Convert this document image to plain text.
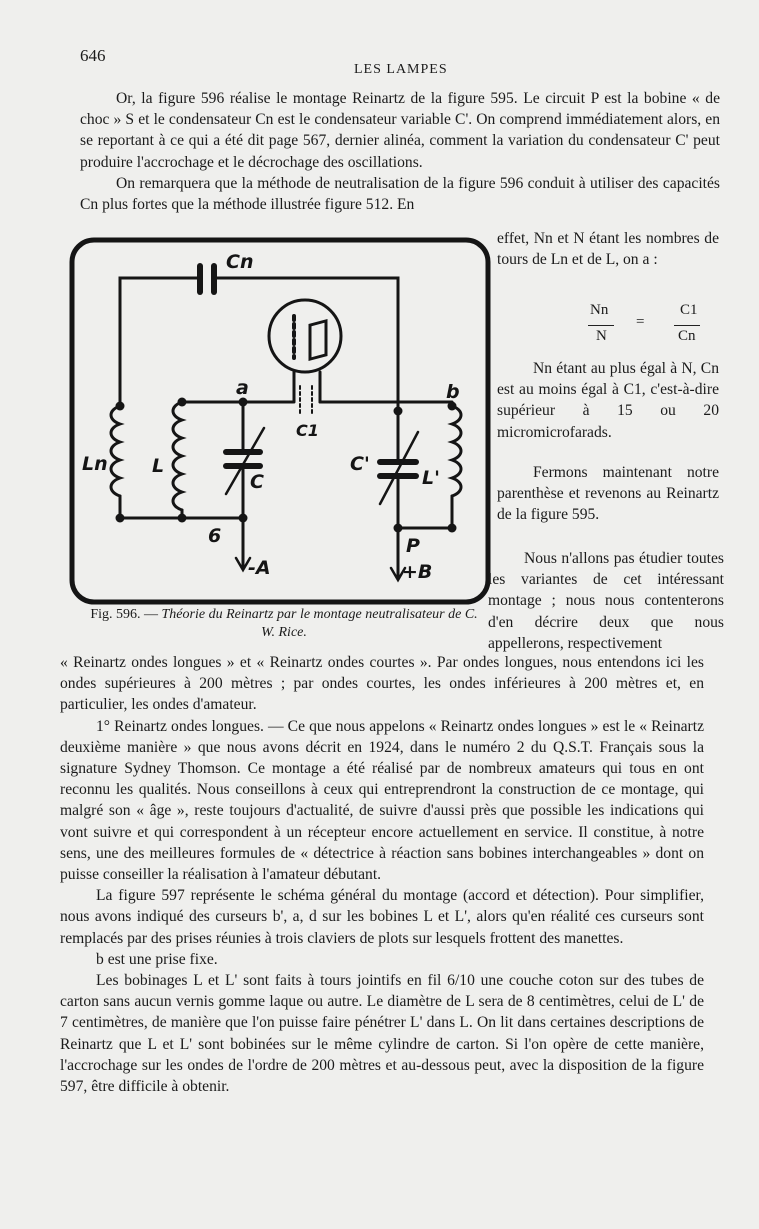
646
LES LAMPES

Or, la figure 596 réalise le montage Reinartz de la figure 595. Le circuit P est la bobine « de choc » S et le condensateur Cn est le condensateur variable C'. On comprend immédiatement alors, en se reportant à ce qui a été dit page 567, dernier alinéa, comment la variation du condensateur C' peut produire l'accrochage et le décrochage des oscillations.

On remarquera que la méthode de neutralisation de la figure 596 conduit à utiliser des capacités Cn plus fortes que la méthode illustrée figure 512. En

Cn
a	b
C1
L
C
Ln	C'
L'
6	P
-A	+B
Fig. 596. — Théorie du Reinartz par le montage neutralisateur de C. W. Rice.

effet, Nn et N étant les nombres de tours de Ln et de L, on a :

Nn
N
=
C1
Cn

Nn étant au plus égal à N, Cn est au moins égal à C1, c'est-à-dire supérieur à 15 ou 20 micromicrofarads.

Fermons maintenant notre parenthèse et revenons au Reinartz de la figure 595.

Nous n'allons pas étudier toutes les variantes de cet intéressant montage ; nous nous contenterons d'en décrire deux que nous appellerons, respectivement

« Reinartz ondes longues » et « Reinartz ondes courtes ». Par ondes longues, nous entendons ici les ondes supérieures à 200 mètres ; par ondes courtes, les ondes inférieures à 200 mètres et, en particulier, les ondes d'amateur.

1° Reinartz ondes longues. — Ce que nous appelons « Reinartz ondes longues » est le « Reinartz deuxième manière » que nous avons décrit en 1924, dans le numéro 2 du Q.S.T. Français sous la signature Sydney Thomson. Ce montage a été réalisé par de nombreux amateurs qui tous en ont reconnu les qualités. Nous conseillons à ceux qui entreprendront la construction de ce montage, qui malgré son « âge », reste toujours d'actualité, de suivre d'aussi près que possible les indications qui vont suivre et qui correspondent à un récepteur encore actuellement en service. Il constitue, à notre sens, une des meilleures formules de « détectrice à réaction sans bobines interchangeables » dont on puisse conseiller la réalisation à l'amateur débutant.

La figure 597 représente le schéma général du montage (accord et détection). Pour simplifier, nous avons indiqué des curseurs b', a, d sur les bobines L et L', alors qu'en réalité ces curseurs sont remplacés par des prises réunies à trois claviers de plots sur lesquels frottent des manettes.

b est une prise fixe.

Les bobinages L et L' sont faits à tours jointifs en fil 6/10 une couche coton sur des tubes de carton sans aucun vernis gomme laque ou autre. Le diamètre de L sera de 8 centimètres, celui de L' de 7 centimètres, de manière que l'on puisse faire pénétrer L' dans L. On lit dans certaines descriptions de Reinartz que L et L' sont bobinées sur le même cylindre de carton. Si l'on opère de cette manière, l'accrochage sur les ondes de l'ordre de 200 mètres et au-dessous peut, avec la disposition de la figure 597, être difficile à obtenir.
